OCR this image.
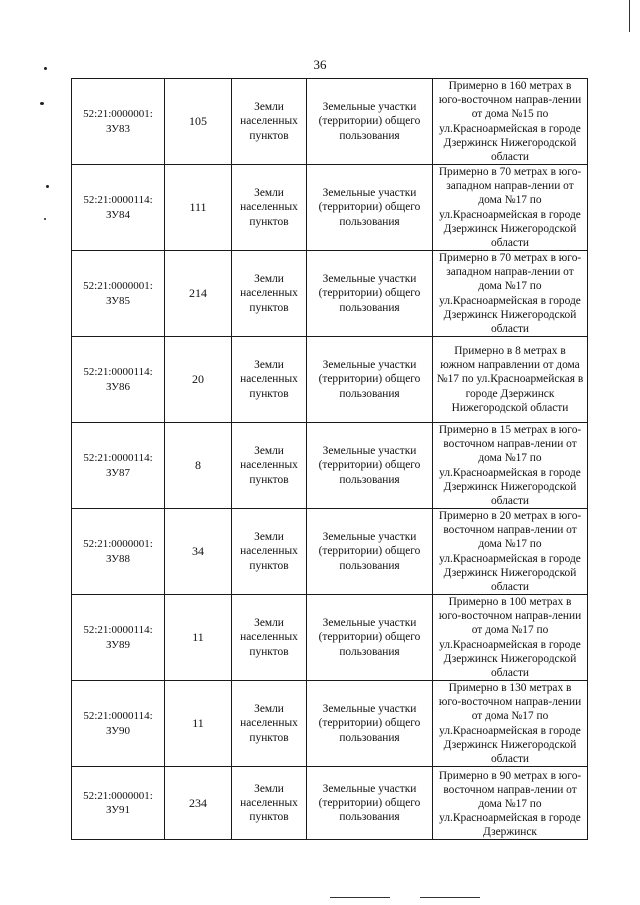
36
52:21:0000001:
ЗУ83	105	Земли населенных пунктов	Земельные участки (территории) общего пользования	Примерно в 160 метрах в юго-восточном направ-лении от дома №15 по ул.Красноармейская в городе Дзержинск Нижегородской области
52:21:0000114:
ЗУ84	111	Земли населенных пунктов	Земельные участки (территории) общего пользования	Примерно в 70 метрах в юго-западном направ-лении от дома №17 по ул.Красноармейская в городе Дзержинск Нижегородской области
52:21:0000001:
ЗУ85	214	Земли населенных пунктов	Земельные участки (территории) общего пользования	Примерно в 70 метрах в юго-западном направ-лении от дома №17 по ул.Красноармейская в городе Дзержинск Нижегородской области
52:21:0000114:
ЗУ86	20	Земли населенных пунктов	Земельные участки (территории) общего пользования	Примерно в 8 метрах в южном направлении от дома №17 по ул.Красноармейская в городе Дзержинск Нижегородской области
52:21:0000114:
ЗУ87	8	Земли населенных пунктов	Земельные участки (территории) общего пользования	Примерно в 15 метрах в юго-восточном направ-лении от дома №17 по ул.Красноармейская в городе Дзержинск Нижегородской области
52:21:0000001:
ЗУ88	34	Земли населенных пунктов	Земельные участки (территории) общего пользования	Примерно в 20 метрах в юго-восточном направ-лении от дома №17 по ул.Красноармейская в городе Дзержинск Нижегородской области
52:21:0000114:
ЗУ89	11	Земли населенных пунктов	Земельные участки (территории) общего пользования	Примерно в 100 метрах в юго-восточном направ-лении от дома №17 по ул.Красноармейская в городе Дзержинск Нижегородской области
52:21:0000114:
ЗУ90	11	Земли населенных пунктов	Земельные участки (территории) общего пользования	Примерно в 130 метрах в юго-восточном направ-лении от дома №17 по ул.Красноармейская в городе Дзержинск Нижегородской области
52:21:0000001:
ЗУ91	234	Земли населенных пунктов	Земельные участки (территории) общего пользования	Примерно в 90 метрах в юго-восточном направ-лении от дома №17 по ул.Красноармейская в городе Дзержинск
